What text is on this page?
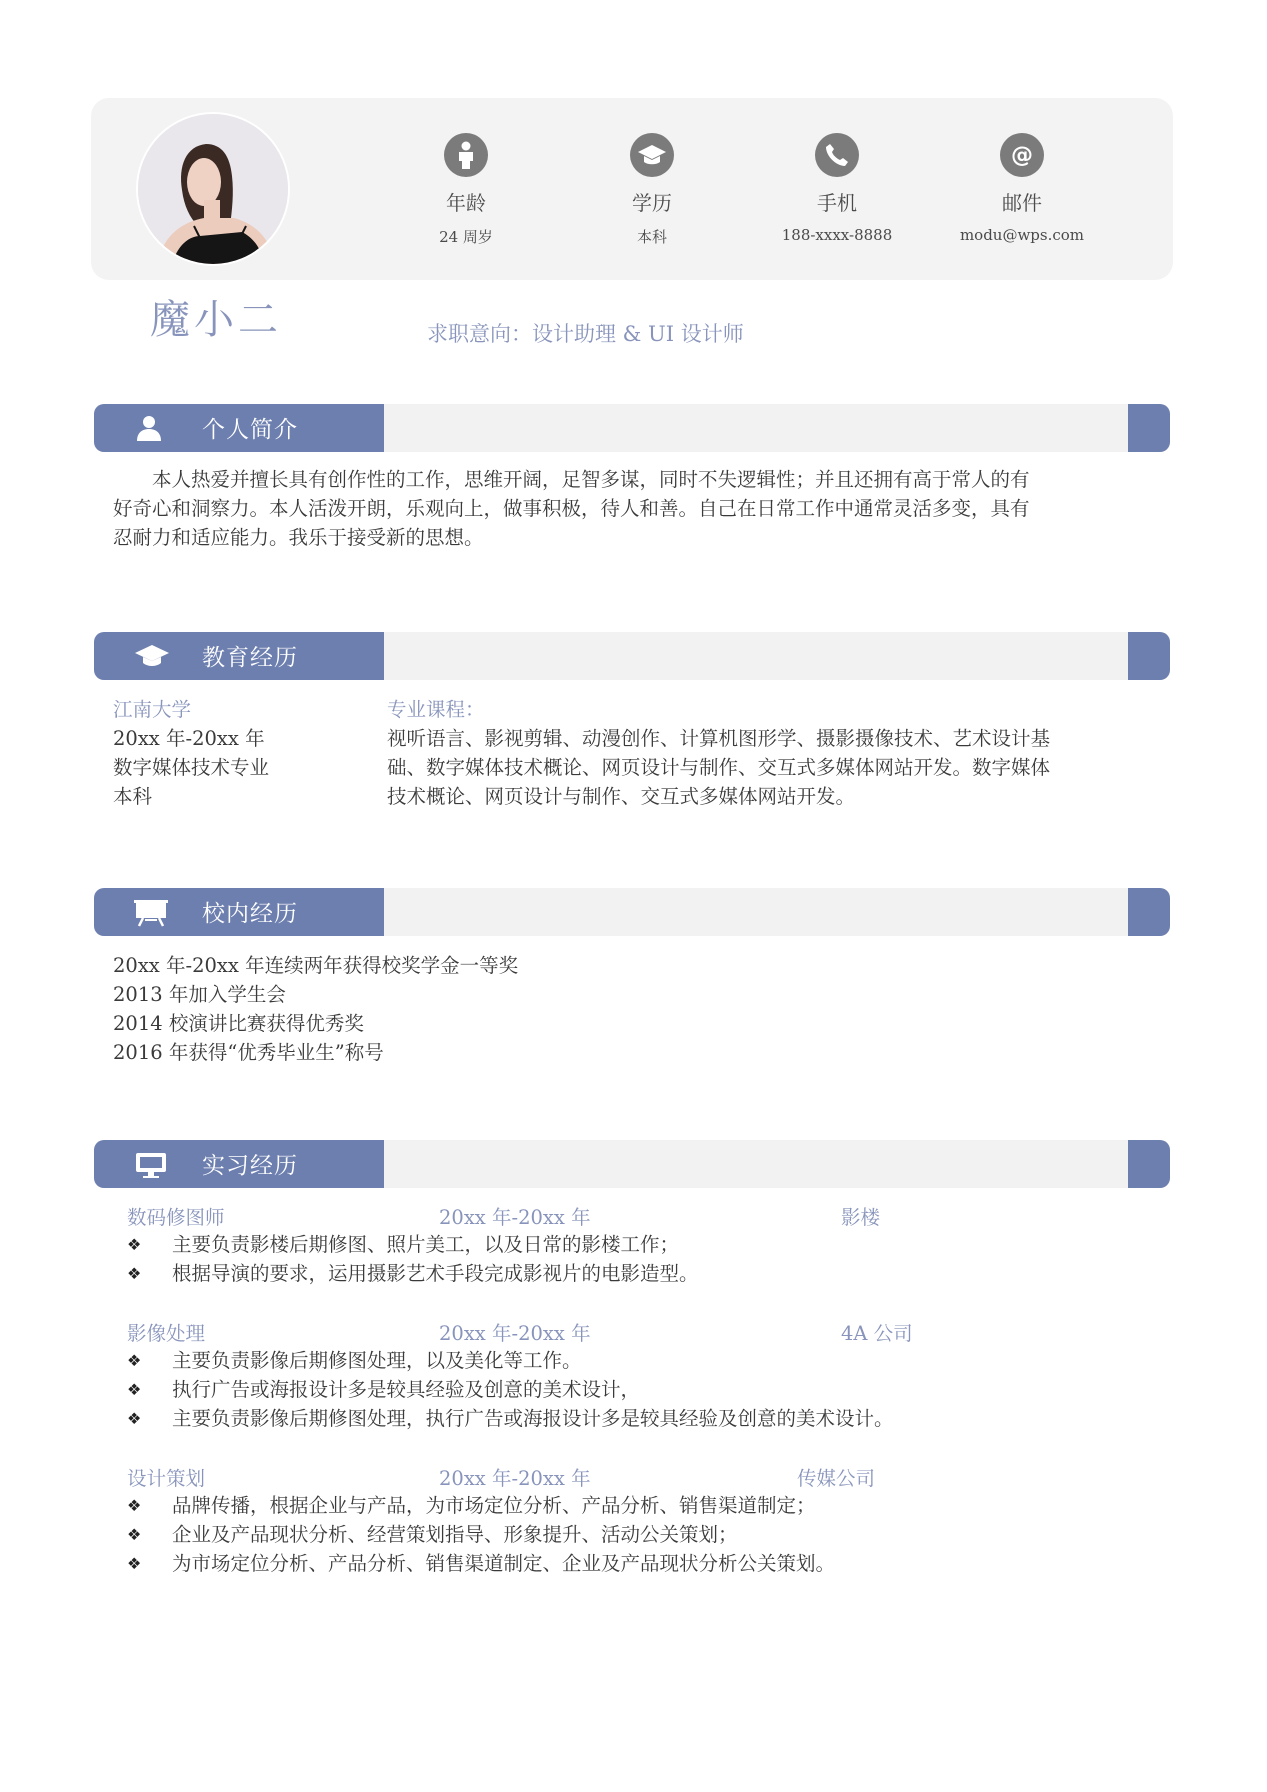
年龄
24 周岁
学历
本科
手机
188-xxxx-8888
@
邮件
modu@wps.com
魔小二	求职意向：设计助理 & UI 设计师
个人简介
本人热爱并擅长具有创作性的工作，思维开阔，足智多谋，同时不失逻辑性；并且还拥有高于常人的有
好奇心和洞察力。本人活泼开朗，乐观向上，做事积极，待人和善。自己在日常工作中通常灵活多变，具有
忍耐力和适应能力。我乐于接受新的思想。
教育经历
江南大学
20xx 年-20xx 年
数字媒体技术专业
本科
专业课程：
视听语言、影视剪辑、动漫创作、计算机图形学、摄影摄像技术、艺术设计基
础、数字媒体技术概论、网页设计与制作、交互式多媒体网站开发。数字媒体
技术概论、网页设计与制作、交互式多媒体网站开发。
校内经历
20xx 年-20xx 年连续两年获得校奖学金一等奖
2013 年加入学生会
2014 校演讲比赛获得优秀奖
2016 年获得“优秀毕业生”称号
实习经历
数码修图师	20xx 年-20xx 年	影楼
❖	主要负责影楼后期修图、照片美工，以及日常的影楼工作；
❖	根据导演的要求，运用摄影艺术手段完成影视片的电影造型。
影像处理	20xx 年-20xx 年	4A 公司
❖	主要负责影像后期修图处理，以及美化等工作。
❖	执行广告或海报设计多是较具经验及创意的美术设计，
❖	主要负责影像后期修图处理，执行广告或海报设计多是较具经验及创意的美术设计。
设计策划	20xx 年-20xx 年	传媒公司
❖	品牌传播，根据企业与产品，为市场定位分析、产品分析、销售渠道制定；
❖	企业及产品现状分析、经营策划指导、形象提升、活动公关策划；
❖	为市场定位分析、产品分析、销售渠道制定、企业及产品现状分析公关策划。
